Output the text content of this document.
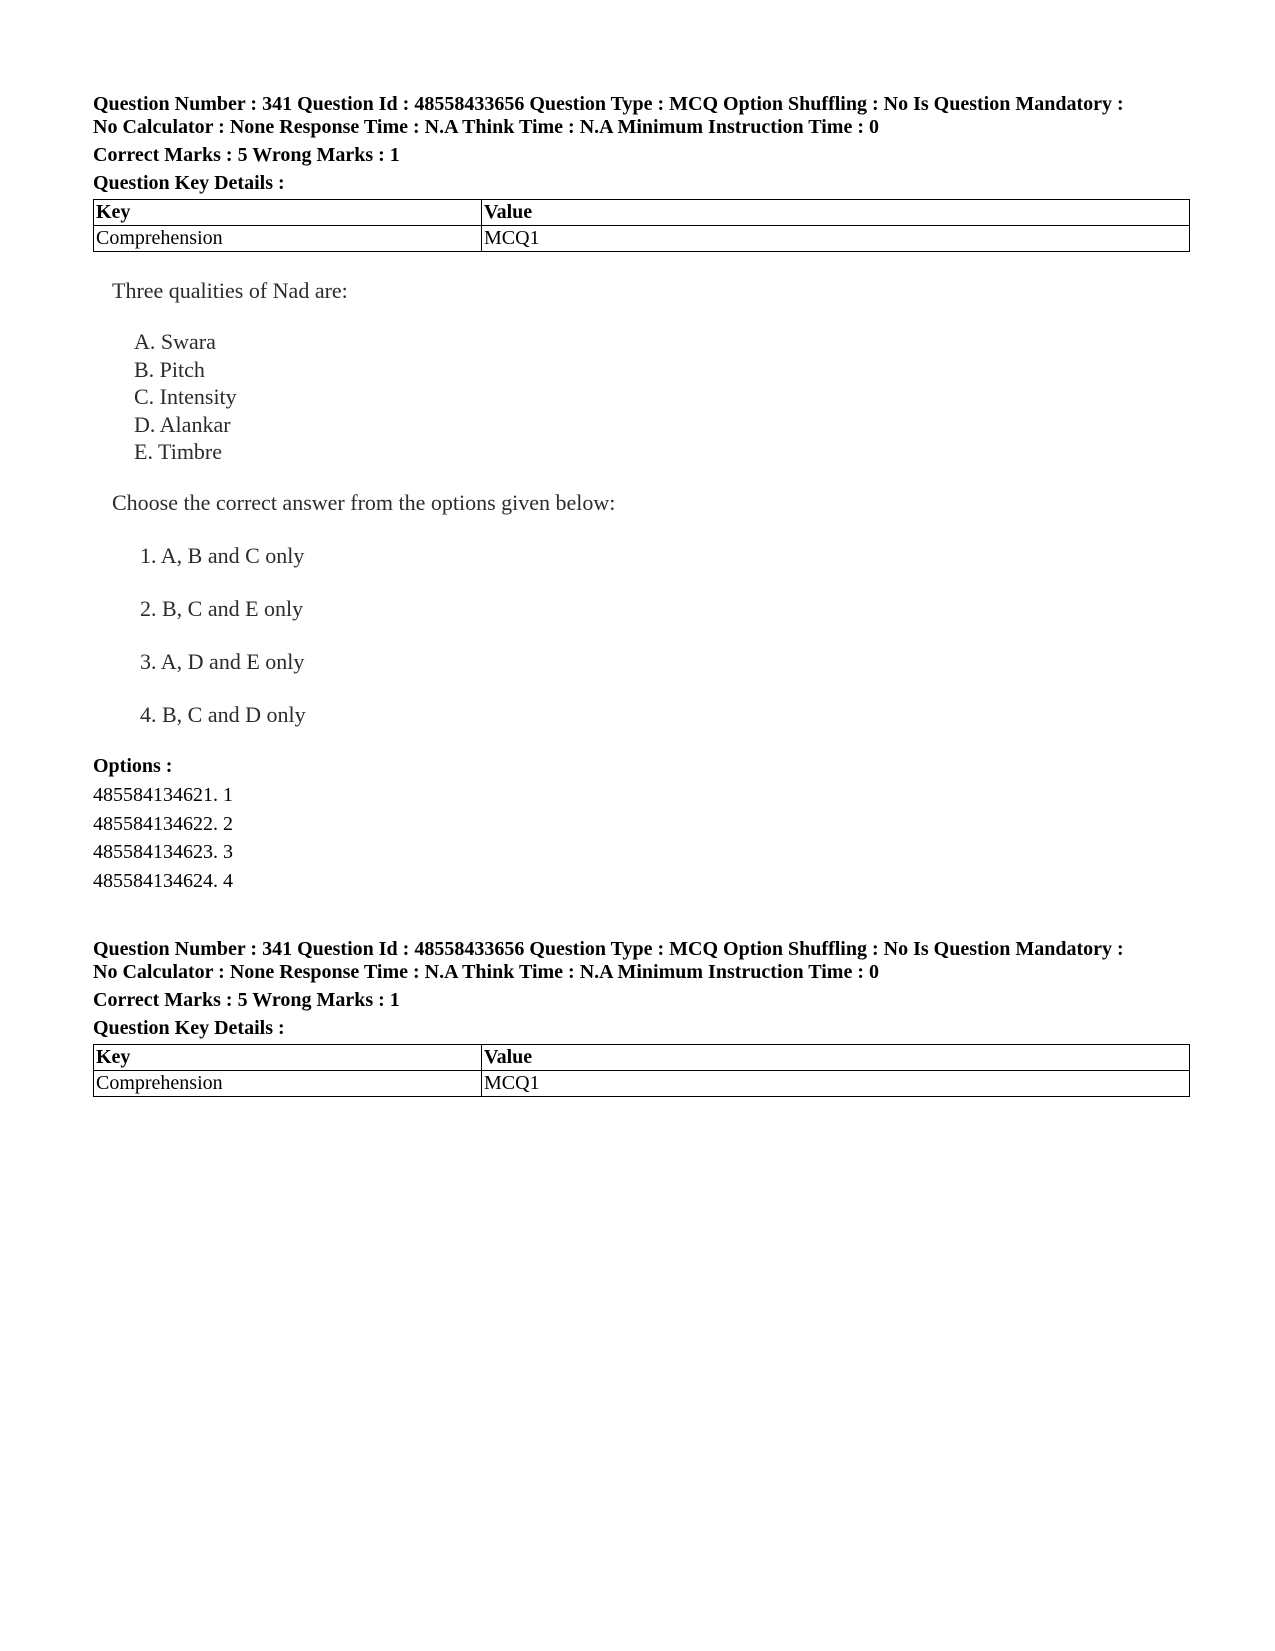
Question Number : 341 Question Id : 48558433656 Question Type : MCQ Option Shuffling : No Is Question Mandatory :
No Calculator : None Response Time : N.A Think Time : N.A Minimum Instruction Time : 0
Correct Marks : 5 Wrong Marks : 1
Question Key Details :
Key	Value
Comprehension	MCQ1
Three qualities of Nad are:
A. Swara
B. Pitch
C. Intensity
D. Alankar
E. Timbre
Choose the correct answer from the options given below:
1. A, B and C only
2. B, C and E only
3. A, D and E only
4. B, C and D only
Options :
485584134621. 1
485584134622. 2
485584134623. 3
485584134624. 4
Question Number : 341 Question Id : 48558433656 Question Type : MCQ Option Shuffling : No Is Question Mandatory :
No Calculator : None Response Time : N.A Think Time : N.A Minimum Instruction Time : 0
Correct Marks : 5 Wrong Marks : 1
Question Key Details :
Key	Value
Comprehension	MCQ1
